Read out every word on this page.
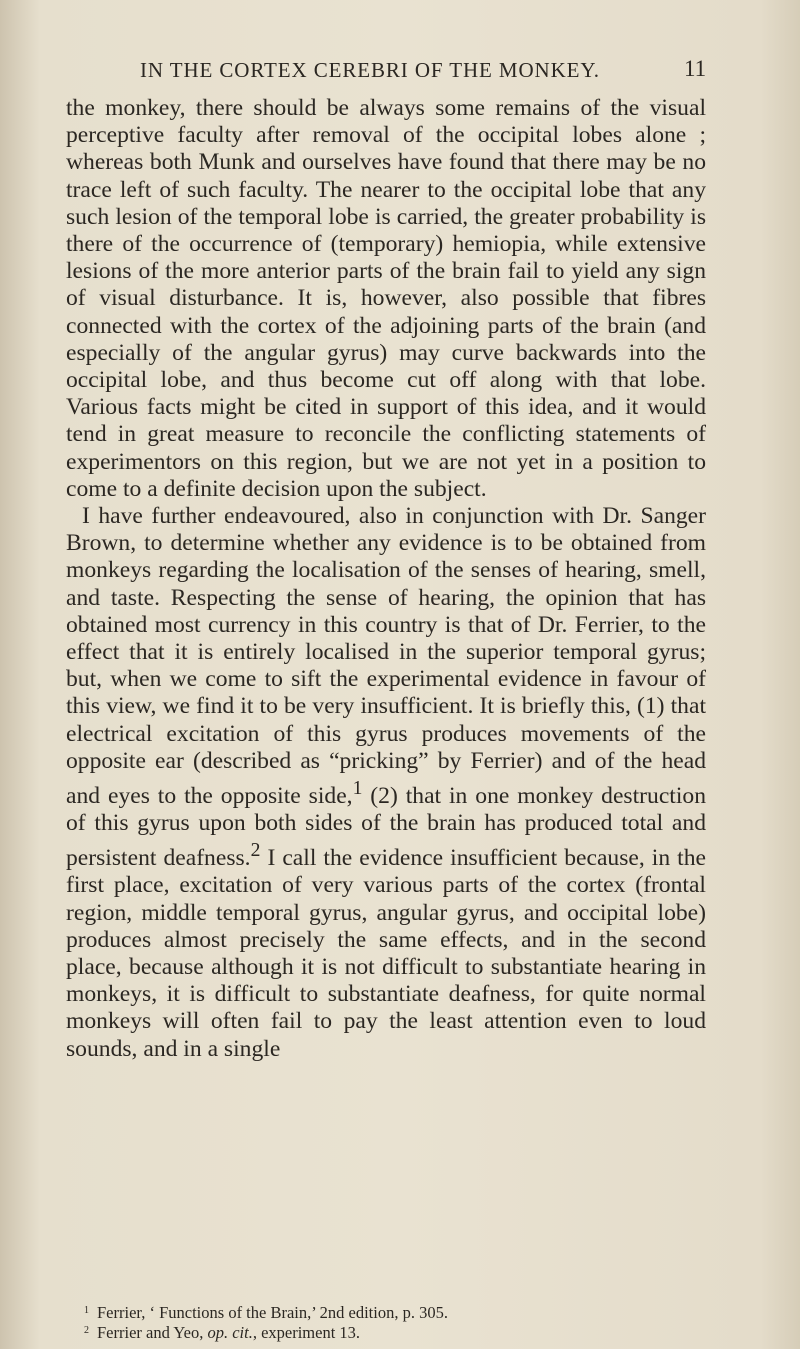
IN THE CORTEX CEREBRI OF THE MONKEY.	11

the monkey, there should be always some remains of the visual perceptive faculty after removal of the occipital lobes alone ; whereas both Munk and ourselves have found that there may be no trace left of such faculty. The nearer to the occipital lobe that any such lesion of the temporal lobe is carried, the greater probability is there of the occurrence of (temporary) hemiopia, while extensive lesions of the more anterior parts of the brain fail to yield any sign of visual disturbance. It is, however, also possible that fibres connected with the cortex of the adjoining parts of the brain (and especially of the angular gyrus) may curve backwards into the occipital lobe, and thus become cut off along with that lobe. Various facts might be cited in support of this idea, and it would tend in great measure to reconcile the conflicting statements of experimentors on this region, but we are not yet in a position to come to a definite decision upon the subject.

I have further endeavoured, also in conjunction with Dr. Sanger Brown, to determine whether any evidence is to be obtained from monkeys regarding the localisation of the senses of hearing, smell, and taste. Respecting the sense of hearing, the opinion that has obtained most currency in this country is that of Dr. Ferrier, to the effect that it is entirely localised in the superior temporal gyrus; but, when we come to sift the experimental evidence in favour of this view, we find it to be very insufficient. It is briefly this, (1) that electrical excitation of this gyrus produces movements of the opposite ear (described as “pricking” by Ferrier) and of the head and eyes to the opposite side,$^1$ (2) that in one monkey destruction of this gyrus upon both sides of the brain has produced total and persistent deafness.$^2$ I call the evidence insufficient because, in the first place, excitation of very various parts of the cortex (frontal region, middle temporal gyrus, angular gyrus, and occipital lobe) produces almost precisely the same effects, and in the second place, because although it is not difficult to substantiate hearing in monkeys, it is difficult to substantiate deafness, for quite normal monkeys will often fail to pay the least attention even to loud sounds, and in a single

$^1$ Ferrier, ‘ Functions of the Brain,’ 2nd edition, p. 305.

$^2$ Ferrier and Yeo, op. cit., experiment 13.
